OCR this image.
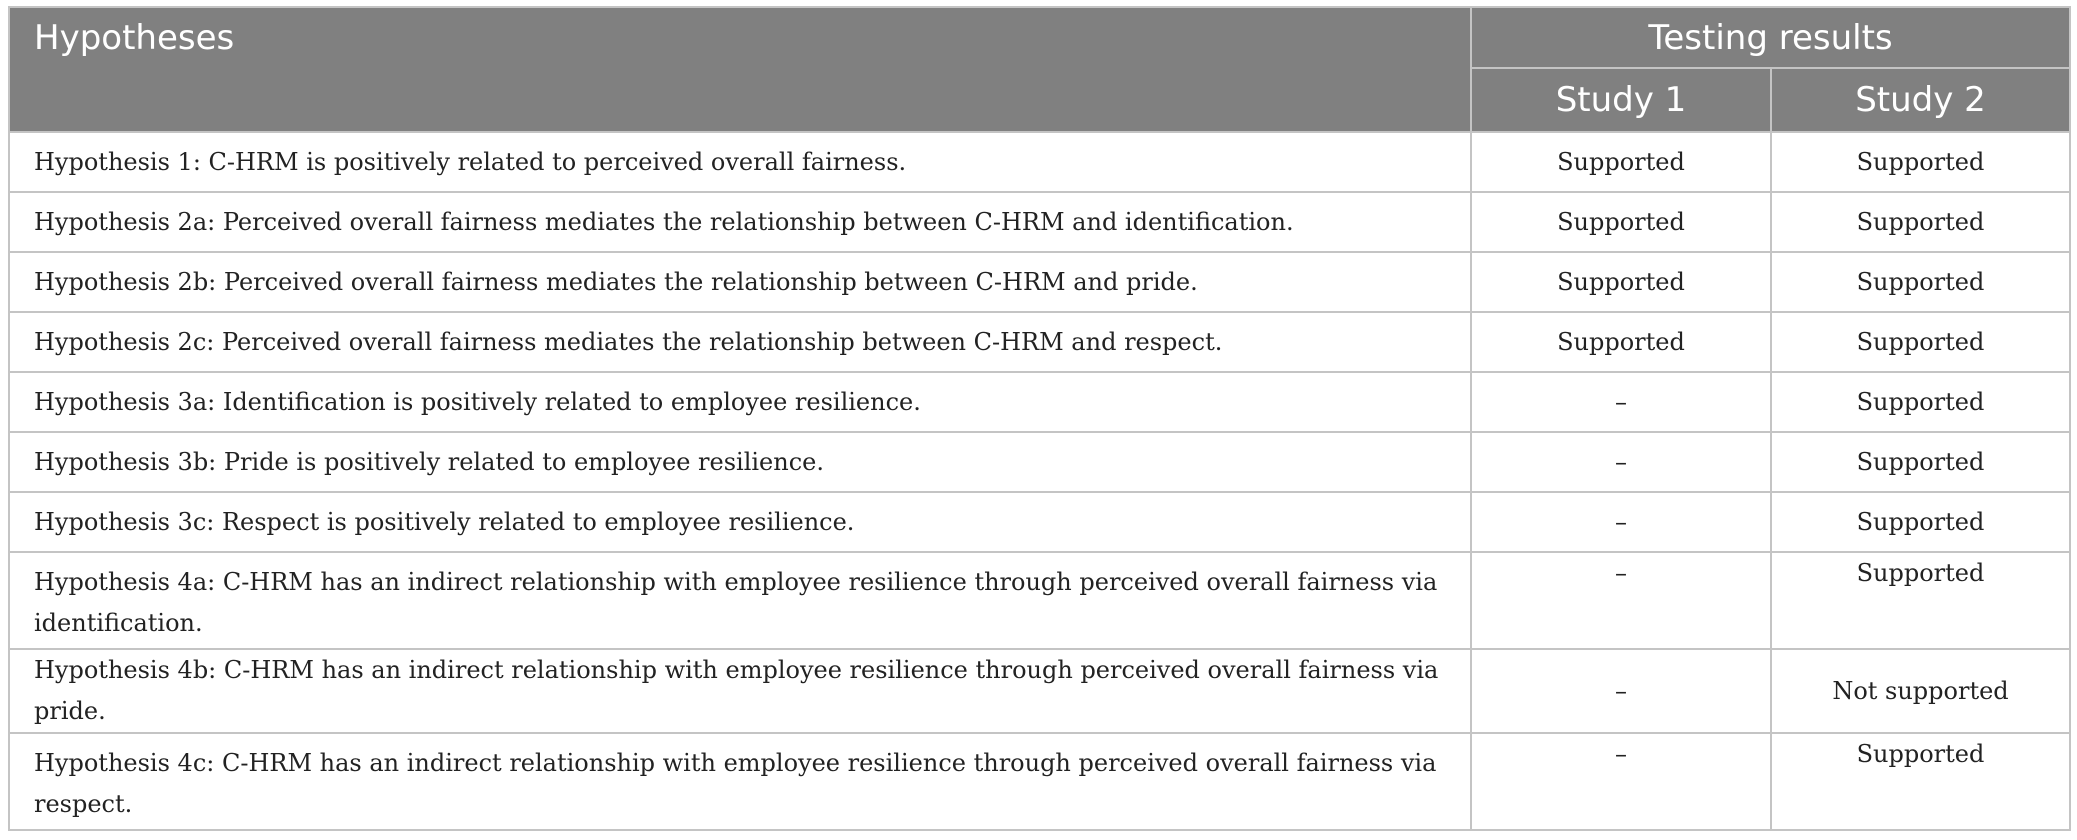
Hypotheses	Testing results	
	Study 1	Study 2
Hypothesis 1: C-HRM is positively related to perceived overall fairness.	Supported	Supported
Hypothesis 2a: Perceived overall fairness mediates the relationship between C-HRM and identification.	Supported	Supported
Hypothesis 2b: Perceived overall fairness mediates the relationship between C-HRM and pride.	Supported	Supported
Hypothesis 2c: Perceived overall fairness mediates the relationship between C-HRM and respect.	Supported	Supported
Hypothesis 3a: Identification is positively related to employee resilience.	–	Supported
Hypothesis 3b: Pride is positively related to employee resilience.	–	Supported
Hypothesis 3c: Respect is positively related to employee resilience.	–	Supported
Hypothesis 4a: C-HRM has an indirect relationship with employee resilience through perceived overall fairness via identification.	–	Supported
Hypothesis 4b: C-HRM has an indirect relationship with employee resilience through perceived overall fairness via pride.	–	Not supported
Hypothesis 4c: C-HRM has an indirect relationship with employee resilience through perceived overall fairness via respect.	–	Supported
